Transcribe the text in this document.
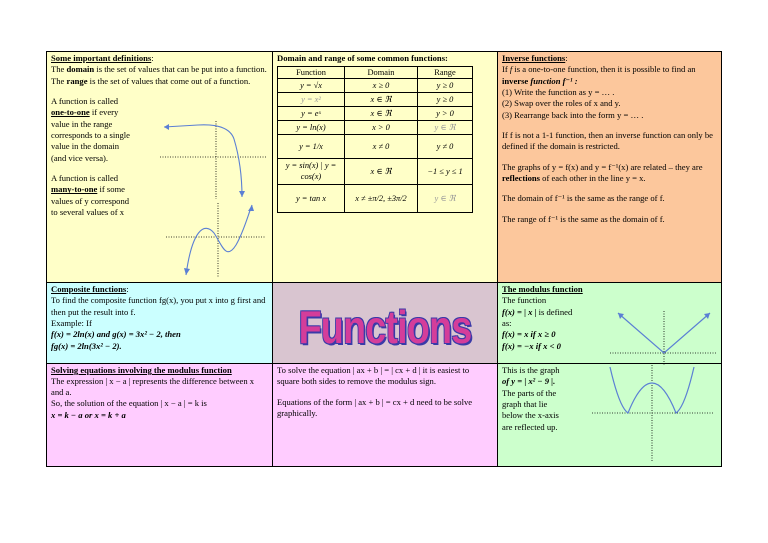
Some important definitions:

The domain is the set of values that can be put into a function.

The range is the set of values that come out of a function.

A function is called

one-to-one if every

value in the range

corresponds to a single

value in the domain

(and vice versa).

A function is called

many-to-one if some

values of y correspond

to several values of x

Domain and range of some common functions:

Function	Domain	Range
y = √x	x ≥ 0	y ≥ 0
y = x²	x ∈ ℜ	y ≥ 0
y = eˣ	x ∈ ℜ	y > 0
y = ln(x)	x > 0	y ∈ ℜ
y = 1/x	x ≠ 0	y ≠ 0
y = sin(x) | y = cos(x)	x ∈ ℜ	−1 ≤ y ≤ 1
y = tan x	x ≠ ±π/2, ±3π/2	y ∈ ℜ

Inverse functions:

If f is a one-to-one function, then it is possible to find an inverse function f⁻¹ :

(1) Write the function as y = … .

(2) Swap over the roles of x and y.

(3) Rearrange back into the form y = … .

If f is not a 1-1 function, then an inverse function can only be defined if the domain is restricted.

The graphs of y = f(x) and y = f⁻¹(x) are related – they are reflections of each other in the line y = x.

The domain of f⁻¹ is the same as the range of f.

The range of f⁻¹ is the same as the domain of f.

Composite functions:

To find the composite function fg(x), you put x into g first and then put the result into f.

Example: If

f(x) = 2ln(x) and g(x) = 3x² − 2, then

fg(x) = 2ln(3x² − 2).	Functions

The modulus function

The function

f(x) = | x | is defined

as:

f(x) = x if x ≥ 0

f(x) = −x if x < 0

Solving equations involving the modulus function

The expression | x − a | represents the difference between x and a.

So, the solution of the equation | x − a | = k is

x = k − a or x = k + a

To solve the equation | ax + b | = | cx + d | it is easiest to square both sides to remove the modulus sign.

Equations of the form | ax + b | = cx + d need to be solve graphically.

This is the graph

of y = | x² − 9 |.

The parts of the

graph that lie

below the x-axis

are reflected up.
